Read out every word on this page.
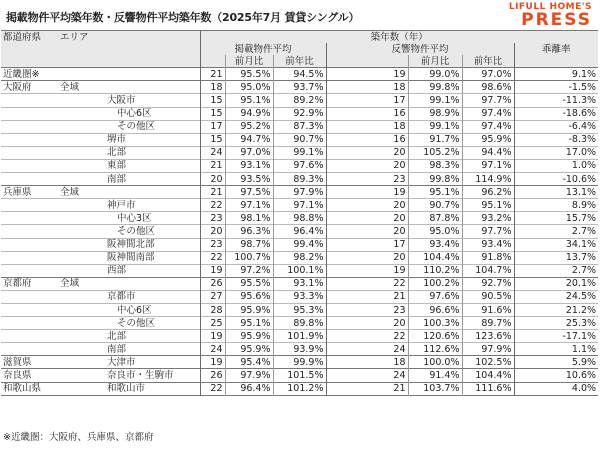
掲載物件平均築年数・反響物件平均築年数（2025年7月 賃貸シングル）
LIFULL HOME'S
PRESS
都道府県	エリア	築年数（年）						
		掲載物件平均			反響物件平均			乖離率
			前月比	前年比		前月比	前年比	
近畿圏※		21	95.5%	94.5%	19	99.0%	97.0%	9.1%
大阪府	全域	18	95.0%	93.7%	18	99.8%	98.6%	-1.5%
	大阪市	15	95.1%	89.2%	17	99.1%	97.7%	-11.3%
	中心6区	15	94.9%	92.9%	16	98.9%	97.4%	-18.6%
	その他区	17	95.2%	87.3%	18	99.1%	97.4%	-6.4%
	堺市	15	94.7%	90.7%	16	91.7%	95.9%	-8.3%
	北部	24	97.0%	99.1%	20	105.2%	94.4%	17.0%
	東部	21	93.1%	97.6%	20	98.3%	97.1%	1.0%
	南部	20	93.5%	89.3%	23	99.8%	114.9%	-10.6%
兵庫県	全域	21	97.5%	97.9%	19	95.1%	96.2%	13.1%
	神戸市	22	97.1%	97.1%	20	90.7%	95.1%	8.9%
	中心3区	23	98.1%	98.8%	20	87.8%	93.2%	15.7%
	その他区	20	96.3%	96.4%	20	95.0%	97.7%	2.7%
	阪神間北部	23	98.7%	99.4%	17	93.4%	93.4%	34.1%
	阪神間南部	22	100.7%	98.2%	20	104.4%	91.8%	13.7%
	西部	19	97.2%	100.1%	19	110.2%	104.7%	2.7%
京都府	全域	26	95.5%	93.1%	22	100.2%	92.7%	20.1%
	京都市	27	95.6%	93.3%	21	97.6%	90.5%	24.5%
	中心6区	28	95.9%	95.3%	23	96.6%	91.6%	21.2%
	その他区	25	95.1%	89.8%	20	100.3%	89.7%	25.3%
	北部	19	95.9%	101.9%	22	120.6%	123.6%	-17.1%
	南部	24	95.9%	93.9%	24	112.6%	97.9%	1.1%
滋賀県	大津市	19	95.4%	99.9%	18	100.0%	102.5%	5.9%
奈良県	奈良市・生駒市	26	97.9%	101.5%	24	91.4%	104.4%	10.6%
和歌山県	和歌山市	22	96.4%	101.2%	21	103.7%	111.6%	4.0%
※近畿圏：大阪府、兵庫県、京都府
